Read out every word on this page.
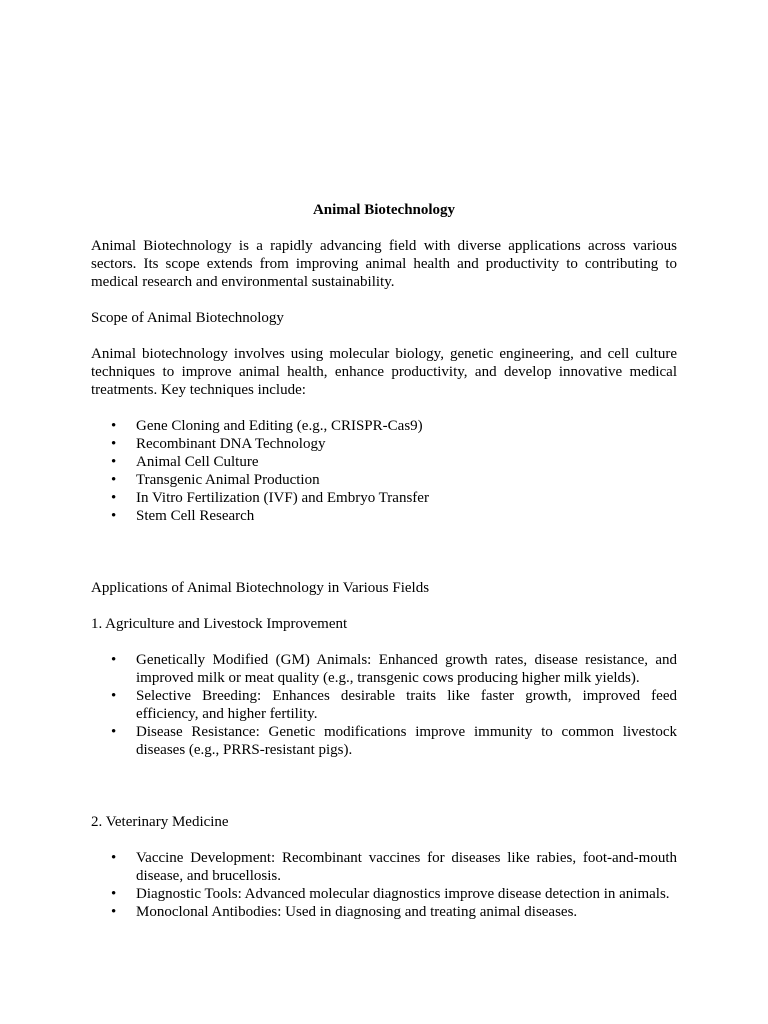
Animal Biotechnology

Animal Biotechnology is a rapidly advancing field with diverse applications across various sectors. Its scope extends from improving animal health and productivity to contributing to medical research and environmental sustainability.

Scope of Animal Biotechnology

Animal biotechnology involves using molecular biology, genetic engineering, and cell culture techniques to improve animal health, enhance productivity, and develop innovative medical treatments. Key techniques include:

• Gene Cloning and Editing (e.g., CRISPR-Cas9)
• Recombinant DNA Technology
• Animal Cell Culture
• Transgenic Animal Production
• In Vitro Fertilization (IVF) and Embryo Transfer
• Stem Cell Research

Applications of Animal Biotechnology in Various Fields

1. Agriculture and Livestock Improvement

• Genetically Modified (GM) Animals: Enhanced growth rates, disease resistance, and improved milk or meat quality (e.g., transgenic cows producing higher milk yields).
• Selective Breeding: Enhances desirable traits like faster growth, improved feed efficiency, and higher fertility.
• Disease Resistance: Genetic modifications improve immunity to common livestock diseases (e.g., PRRS-resistant pigs).

2. Veterinary Medicine

• Vaccine Development: Recombinant vaccines for diseases like rabies, foot-and-mouth disease, and brucellosis.
• Diagnostic Tools: Advanced molecular diagnostics improve disease detection in animals.
• Monoclonal Antibodies: Used in diagnosing and treating animal diseases.
